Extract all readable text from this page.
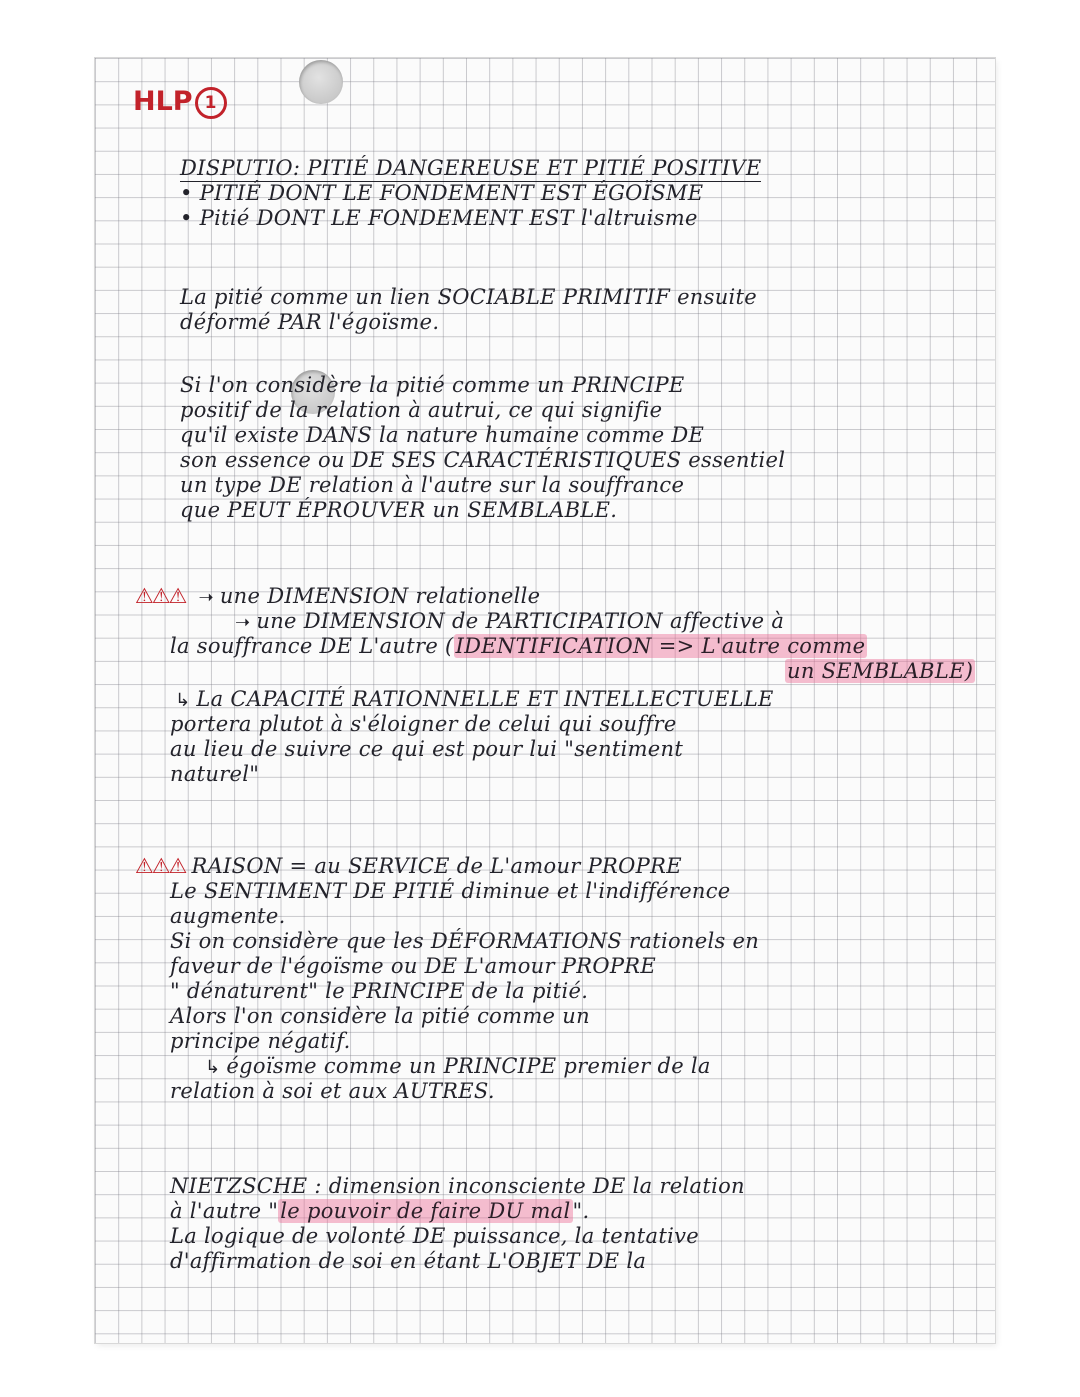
HLP 1
DISPUTIO: PITIÉ DANGEREUSE ET PITIÉ POSITIVE
• PITIÉ DONT LE FONDEMENT EST ÉGOÏSME
• Pitié DONT LE FONDEMENT EST l'altruisme
La pitié comme un lien SOCIABLE PRIMITIF ensuite
déformé PAR l'égoïsme.
Si l'on considère la pitié comme un PRINCIPE
positif de la relation à autrui, ce qui signifie
qu'il existe DANS la nature humaine comme DE
son essence ou DE SES CARACTÉRISTIQUES essentiel
un type DE relation à l'autre sur la souffrance
que PEUT ÉPROUVER un SEMBLABLE.
⚠⚠⚠ ➝ une DIMENSION relationelle
➝ une DIMENSION de PARTICIPATION affective à
la souffrance DE L'autre (IDENTIFICATION => L'autre comme
un SEMBLABLE)
↳ La CAPACITÉ RATIONNELLE ET INTELLECTUELLE
portera plutot à s'éloigner de celui qui souffre
au lieu de suivre ce qui est pour lui "sentiment
naturel"
⚠⚠⚠ RAISON = au SERVICE de L'amour PROPRE
Le SENTIMENT DE PITIÉ diminue et l'indifférence
augmente.
Si on considère que les DÉFORMATIONS rationels en
faveur de l'égoïsme ou DE L'amour PROPRE
" dénaturent" le PRINCIPE de la pitié.
Alors l'on considère la pitié comme un
principe négatif.
↳ égoïsme comme un PRINCIPE premier de la
relation à soi et aux AUTRES.
NIETZSCHE : dimension inconsciente DE la relation
à l'autre "le pouvoir de faire DU mal".
La logique de volonté DE puissance, la tentative
d'affirmation de soi en étant L'OBJET DE la
